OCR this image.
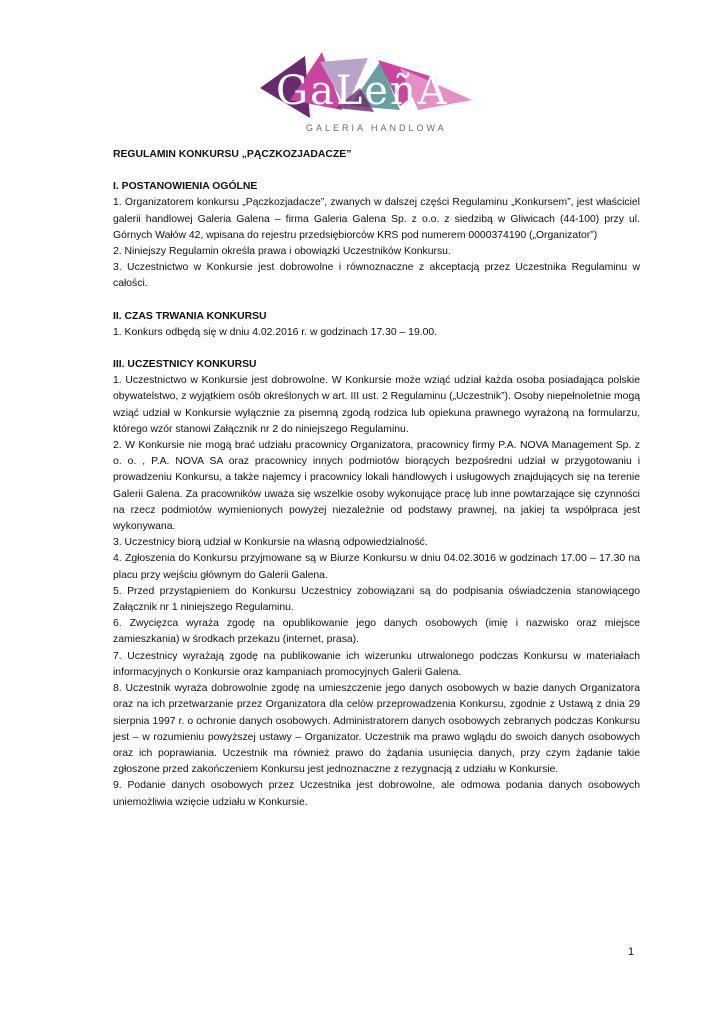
GaLeñA
GALERIA HANDLOWA

REGULAMIN KONKURSU „PĄCZKOZJADACZE”

I. POSTANOWIENIA OGÓLNE

1. Organizatorem konkursu „Pączkozjadacze”, zwanych w dalszej części Regulaminu „Konkursem”, jest właściciel galerii handlowej Galeria Galena – firma Galeria Galena Sp. z o.o. z siedzibą w Gliwicach (44-100) przy ul. Górnych Wałów 42, wpisana do rejestru przedsiębiorców KRS pod numerem 0000374190 („Organizator”)

2. Niniejszy Regulamin określa prawa i obowiązki Uczestników Konkursu.

3. Uczestnictwo w Konkursie jest dobrowolne i równoznaczne z akceptacją przez Uczestnika Regulaminu w całości.

II. CZAS TRWANIA KONKURSU

1. Konkurs odbędą się w dniu 4.02.2016 r. w godzinach 17.30 – 19.00.

III. UCZESTNICY KONKURSU

1. Uczestnictwo w Konkursie jest dobrowolne. W Konkursie może wziąć udział każda osoba posiadająca polskie obywatelstwo, z wyjątkiem osób określonych w art. III ust. 2 Regulaminu („Uczestnik”). Osoby niepełnoletnie mogą wziąć udział w Konkursie wyłącznie za pisemną zgodą rodzica lub opiekuna prawnego wyrażoną na formularzu, którego wzór stanowi Załącznik nr 2 do niniejszego Regulaminu.

2. W Konkursie nie mogą brać udziału pracownicy Organizatora, pracownicy firmy P.A. NOVA Management Sp. z o. o. , P.A. NOVA SA oraz pracownicy innych podmiotów biorących bezpośredni udział w przygotowaniu i prowadzeniu Konkursu, a także najemcy i pracownicy lokali handlowych i usługowych znajdujących się na terenie Galerii Galena. Za pracowników uważa się wszelkie osoby wykonujące pracę lub inne powtarzające się czynności na rzecz podmiotów wymienionych powyżej niezależnie od podstawy prawnej, na jakiej ta współpraca jest wykonywana.

3. Uczestnicy biorą udział w Konkursie na własną odpowiedzialność.

4. Zgłoszenia do Konkursu przyjmowane są w Biurze Konkursu w dniu 04.02.3016 w godzinach 17.00 – 17.30 na placu przy wejściu głównym do Galerii Galena.

5. Przed przystąpieniem do Konkursu Uczestnicy zobowiązani są do podpisania oświadczenia stanowiącego Załącznik nr 1 niniejszego Regulaminu.

6. Zwycięzca wyraża zgodę na opublikowanie jego danych osobowych (imię i nazwisko oraz miejsce zamieszkania) w środkach przekazu (internet, prasa).

7. Uczestnicy wyrażają zgodę na publikowanie ich wizerunku utrwalonego podczas Konkursu w materiałach informacyjnych o Konkursie oraz kampaniach promocyjnych Galerii Galena.

8. Uczestnik wyraża dobrowolnie zgodę na umieszczenie jego danych osobowych w bazie danych Organizatora oraz na ich przetwarzanie przez Organizatora dla celów przeprowadzenia Konkursu, zgodnie z Ustawą z dnia 29 sierpnia 1997 r. o ochronie danych osobowych. Administratorem danych osobowych zebranych podczas Konkursu jest – w rozumieniu powyższej ustawy – Organizator. Uczestnik ma prawo wglądu do swoich danych osobowych oraz ich poprawiania. Uczestnik ma również prawo do żądania usunięcia danych, przy czym żądanie takie zgłoszone przed zakończeniem Konkursu jest jednoznaczne z rezygnacją z udziału w Konkursie.

9. Podanie danych osobowych przez Uczestnika jest dobrowolne, ale odmowa podania danych osobowych uniemożliwia wzięcie udziału w Konkursie.

1
